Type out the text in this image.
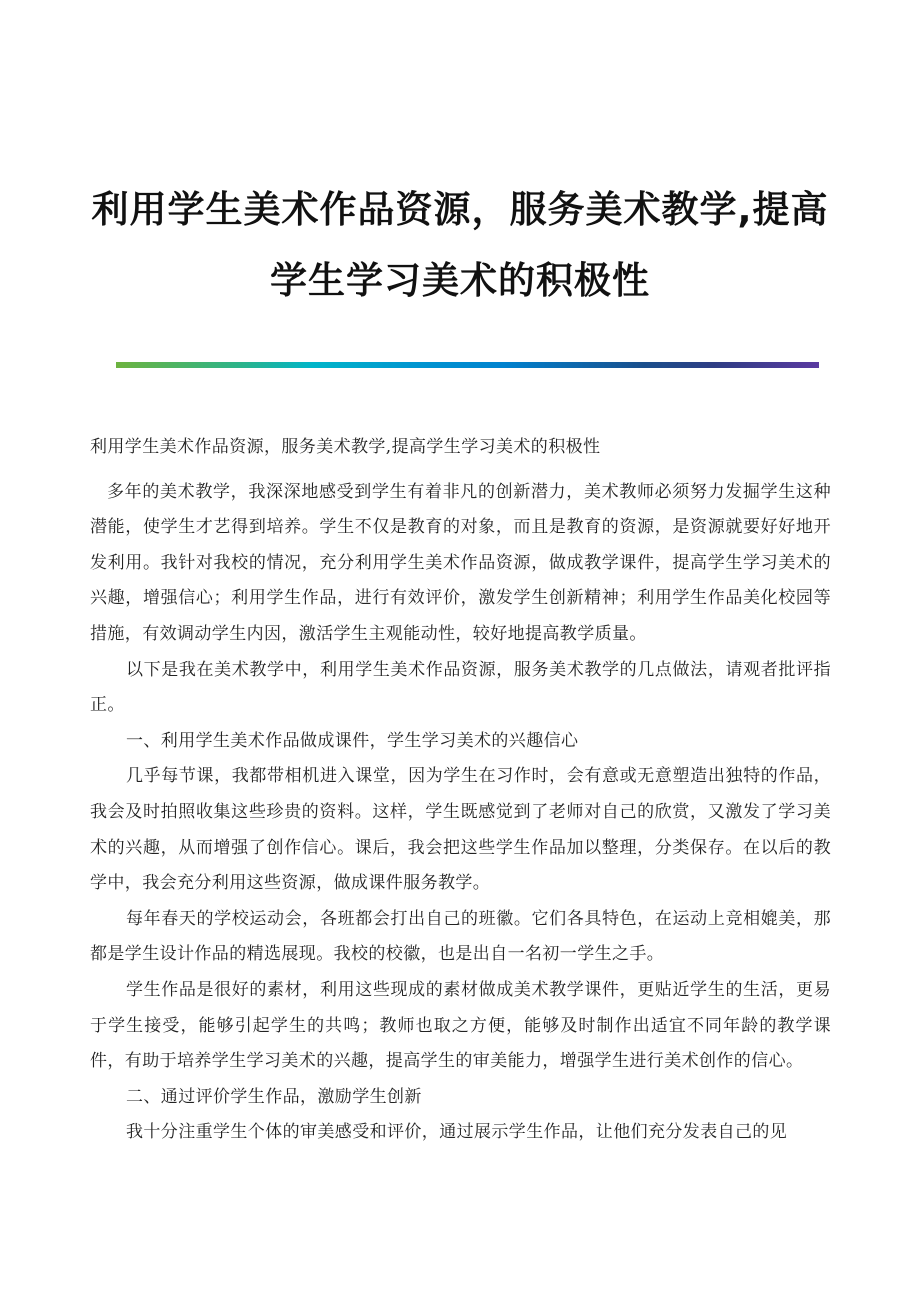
利用学生美术作品资源，服务美术教学,提高
学生学习美术的积极性

利用学生美术作品资源，服务美术教学,提高学生学习美术的积极性

多年的美术教学，我深深地感受到学生有着非凡的创新潜力，美术教师必须努力发掘学生这种潜能，使学生才艺得到培养。学生不仅是教育的对象，而且是教育的资源，是资源就要好好地开发利用。我针对我校的情况，充分利用学生美术作品资源，做成教学课件，提高学生学习美术的兴趣，增强信心；利用学生作品，进行有效评价，激发学生创新精神；利用学生作品美化校园等措施，有效调动学生内因，激活学生主观能动性，较好地提高教学质量。

以下是我在美术教学中，利用学生美术作品资源，服务美术教学的几点做法，请观者批评指正。

一、利用学生美术作品做成课件，学生学习美术的兴趣信心

几乎每节课，我都带相机进入课堂，因为学生在习作时，会有意或无意塑造出独特的作品，我会及时拍照收集这些珍贵的资料。这样，学生既感觉到了老师对自己的欣赏，又激发了学习美术的兴趣，从而增强了创作信心。课后，我会把这些学生作品加以整理，分类保存。在以后的教学中，我会充分利用这些资源，做成课件服务教学。

每年春天的学校运动会，各班都会打出自己的班徽。它们各具特色，在运动上竞相媲美，那都是学生设计作品的精选展现。我校的校徽，也是出自一名初一学生之手。

学生作品是很好的素材，利用这些现成的素材做成美术教学课件，更贴近学生的生活，更易于学生接受，能够引起学生的共鸣；教师也取之方便，能够及时制作出适宜不同年龄的教学课件，有助于培养学生学习美术的兴趣，提高学生的审美能力，增强学生进行美术创作的信心。

二、通过评价学生作品，激励学生创新

我十分注重学生个体的审美感受和评价，通过展示学生作品，让他们充分发表自己的见
